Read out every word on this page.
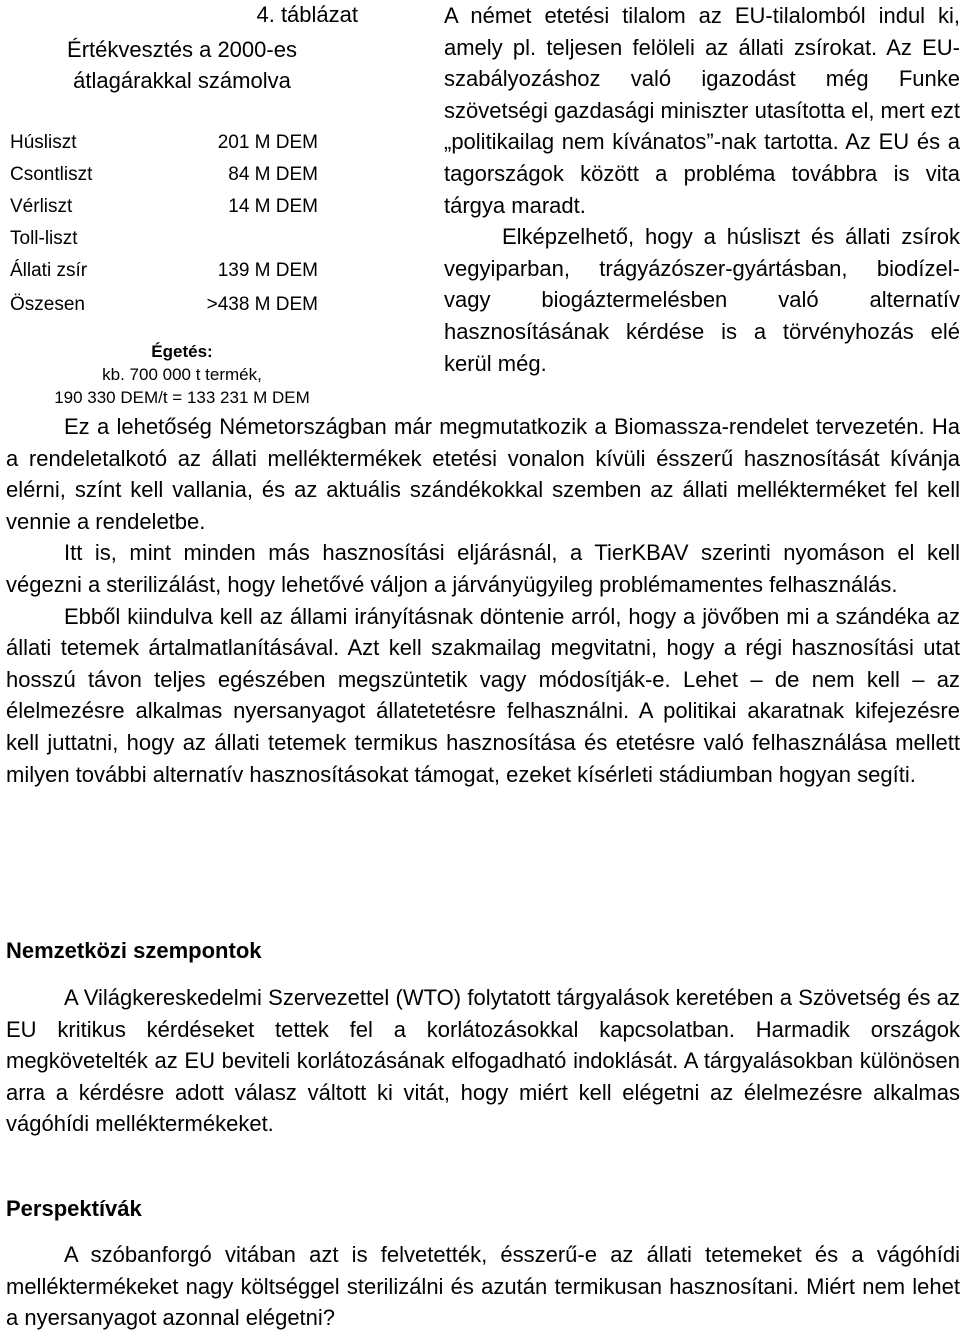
4. táblázat
Értékvesztés a 2000-es
átlagárakkal számolva
Húsliszt	201 M DEM
Csontliszt	84 M DEM
Vérliszt	14 M DEM
Toll-liszt
Állati zsír	139 M DEM
Öszesen	>438 M DEM
Égetés:
kb. 700 000 t termék,
190 330 DEM/t = 133 231 M DEM

A német etetési tilalom az EU-tilalomból indul ki, amely pl. teljesen felöleli az állati zsírokat. Az EU-szabályozáshoz való igazodást még Funke szövetségi gazdasági miniszter utasította el, mert ezt „politikailag nem kívánatos”-nak tartotta. Az EU és a tagországok között a probléma továbbra is vita tárgya maradt.

Elképzelhető, hogy a húsliszt és állati zsírok vegyiparban, trágyázószer-gyártásban, biodízel- vagy biogáztermelésben való alternatív hasznosításának kérdése is a törvényhozás elé kerül még.

Ez a lehetőség Németországban már megmutatkozik a Biomassza-rendelet tervezetén. Ha a rendeletalkotó az állati melléktermékek etetési vonalon kívüli ésszerű hasznosítását kívánja elérni, színt kell vallania, és az aktuális szándékokkal szemben az állati mellékterméket fel kell vennie a rendeletbe.

Itt is, mint minden más hasznosítási eljárásnál, a TierKBAV szerinti nyomáson el kell végezni a sterilizálást, hogy lehetővé váljon a járványügyileg problémamentes felhasználás.

Ebből kiindulva kell az állami irányításnak döntenie arról, hogy a jövőben mi a szándéka az állati tetemek ártalmatlanításával. Azt kell szakmailag megvitatni, hogy a régi hasznosítási utat hosszú távon teljes egészében megszüntetik vagy módosítják-e. Lehet – de nem kell – az élelmezésre alkalmas nyersanyagot állatetetésre felhasználni. A politikai akaratnak kifejezésre kell juttatni, hogy az állati tetemek termikus hasznosítása és etetésre való felhasználása mellett milyen további alternatív hasznosításokat támogat, ezeket kísérleti stádiumban hogyan segíti.

Nemzetközi szempontok

A Világkereskedelmi Szervezettel (WTO) folytatott tárgyalások keretében a Szövetség és az EU kritikus kérdéseket tettek fel a korlátozásokkal kapcsolatban. Harmadik országok megkövetelték az EU beviteli korlátozásának elfogadható indoklását. A tárgyalásokban különösen arra a kérdésre adott válasz váltott ki vitát, hogy miért kell elégetni az élelmezésre alkalmas vágóhídi melléktermékeket.

Perspektívák

A szóbanforgó vitában azt is felvetették, ésszerű-e az állati tetemeket és a vágóhídi melléktermékeket nagy költséggel sterilizálni és azután termikusan hasznosítani. Miért nem lehet a nyersanyagot azonnal elégetni?
